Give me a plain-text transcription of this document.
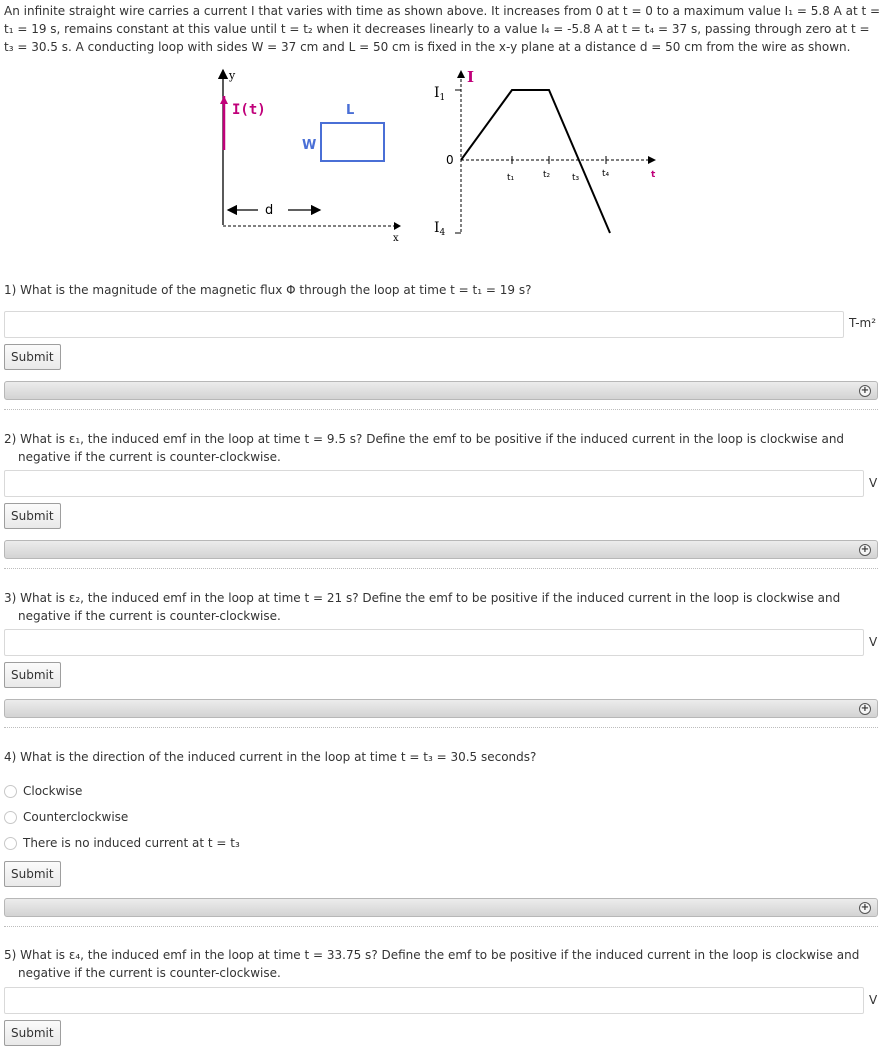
An infinite straight wire carries a current I that varies with time as shown above. It increases from 0 at t = 0 to a maximum value I₁ = 5.8 A at t = t₁ = 19 s, remains constant at this value until t = t₂ when it decreases linearly to a value I₄ = -5.8 A at t = t₄ = 37 s, passing through zero at t = t₃ = 30.5 s. A conducting loop with sides W = 37 cm and L = 50 cm is fixed in the x-y plane at a distance d = 50 cm from the wire as shown.
y
I(t)
x
d
W
L
I
$I_1$
$I_4$
0
t
t₁	t₂ t₃	t₄
1) What is the magnitude of the magnetic flux Φ through the loop at time t = t₁ = 19 s?
T-m²
Submit
+
2) What is ε₁, the induced emf in the loop at time t = 9.5 s? Define the emf to be positive if the induced current in the loop is clockwise and negative if the current is counter-clockwise.
V
Submit
+
3) What is ε₂, the induced emf in the loop at time t = 21 s? Define the emf to be positive if the induced current in the loop is clockwise and negative if the current is counter-clockwise.
V
Submit
+
4) What is the direction of the induced current in the loop at time t = t₃ = 30.5 seconds?
Clockwise
Counterclockwise
There is no induced current at t = t₃
Submit
+
5) What is ε₄, the induced emf in the loop at time t = 33.75 s? Define the emf to be positive if the induced current in the loop is clockwise and negative if the current is counter-clockwise.
V
Submit
